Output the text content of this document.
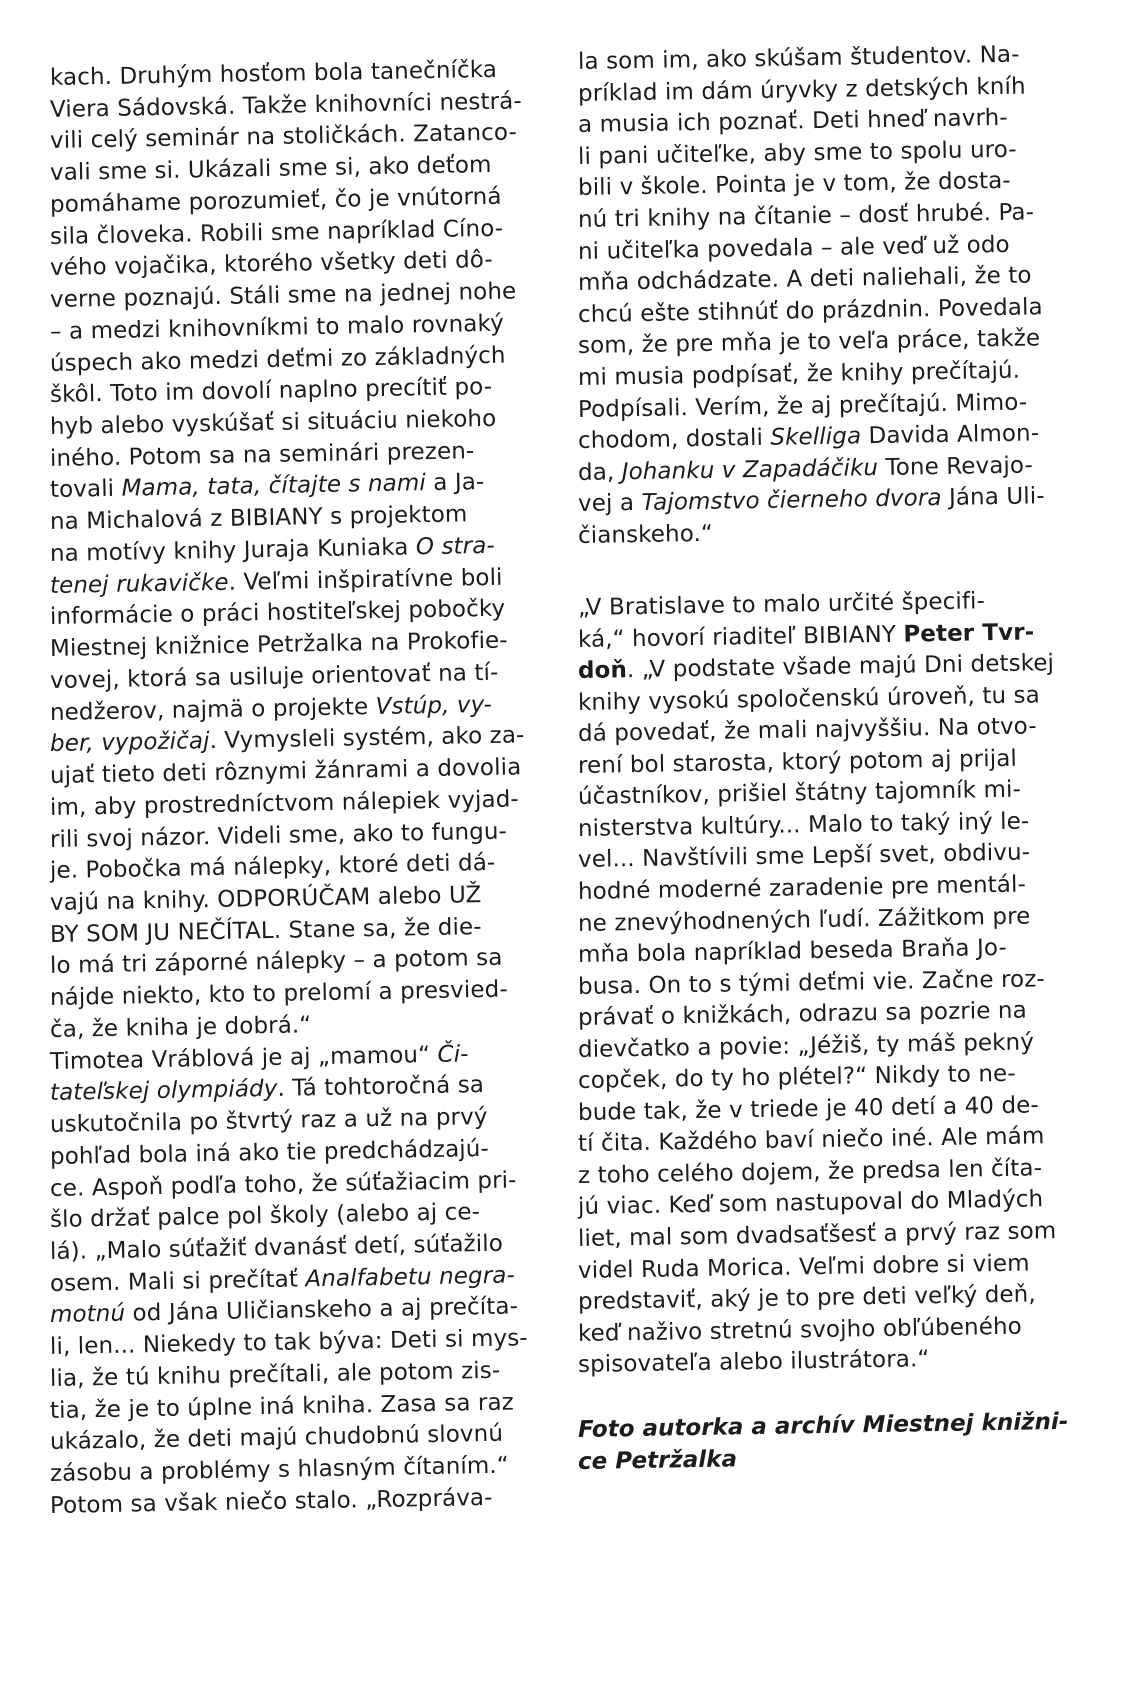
kach. Druhým hosťom bola tanečníčka
Viera Sádovská. Takže knihovníci nestrá-
vili celý seminár na stoličkách. Zatanco-
vali sme si. Ukázali sme si, ako deťom
pomáhame porozumieť, čo je vnútorná
sila človeka. Robili sme napríklad Cíno-
vého vojačika, ktorého všetky deti dô-
verne poznajú. Stáli sme na jednej nohe
– a medzi knihovníkmi to malo rovnaký
úspech ako medzi deťmi zo základných
škôl. Toto im dovolí naplno precítiť po-
hyb alebo vyskúšať si situáciu niekoho
iného. Potom sa na seminári prezen-
tovali Mama, tata, čítajte s nami a Ja-
na Michalová z BIBIANY s projektom
na motívy knihy Juraja Kuniaka O stra-
tenej rukavičke. Veľmi inšpiratívne boli
informácie o práci hostiteľskej pobočky
Miestnej knižnice Petržalka na Prokofie-
vovej, ktorá sa usiluje orientovať na tí-
nedžerov, najmä o projekte Vstúp, vy-
ber, vypožičaj. Vymysleli systém, ako za-
ujať tieto deti rôznymi žánrami a dovolia
im, aby prostredníctvom nálepiek vyjad-
rili svoj názor. Videli sme, ako to fungu-
je. Pobočka má nálepky, ktoré deti dá-
vajú na knihy. ODPORÚČAM alebo UŽ
BY SOM JU NEČÍTAL. Stane sa, že die-
lo má tri záporné nálepky – a potom sa
nájde niekto, kto to prelomí a presvied-
ča, že kniha je dobrá.“
Timotea Vráblová je aj „mamou“ Či-
tateľskej olympiády. Tá tohtoročná sa
uskutočnila po štvrtý raz a už na prvý
pohľad bola iná ako tie predchádzajú-
ce. Aspoň podľa toho, že súťažiacim pri-
šlo držať palce pol školy (alebo aj ce-
lá). „Malo súťažiť dvanásť detí, súťažilo
osem. Mali si prečítať Analfabetu negra-
motnú od Jána Uličianskeho a aj prečíta-
li, len... Niekedy to tak býva: Deti si mys-
lia, že tú knihu prečítali, ale potom zis-
tia, že je to úplne iná kniha. Zasa sa raz
ukázalo, že deti majú chudobnú slovnú
zásobu a problémy s hlasným čítaním.“
Potom sa však niečo stalo. „Rozpráva-
la som im, ako skúšam študentov. Na-
príklad im dám úryvky z detských kníh
a musia ich poznať. Deti hneď navrh-
li pani učiteľke, aby sme to spolu uro-
bili v škole. Pointa je v tom, že dosta-
nú tri knihy na čítanie – dosť hrubé. Pa-
ni učiteľka povedala – ale veď už odo
mňa odchádzate. A deti naliehali, že to
chcú ešte stihnúť do prázdnin. Povedala
som, že pre mňa je to veľa práce, takže
mi musia podpísať, že knihy prečítajú.
Podpísali. Verím, že aj prečítajú. Mimo-
chodom, dostali Skelliga Davida Almon-
da, Johanku v Zapadáčiku Tone Revajo-
vej a Tajomstvo čierneho dvora Jána Uli-
čianskeho.“
„V Bratislave to malo určité špecifi-
ká,“ hovorí riaditeľ BIBIANY Peter Tvr-
doň. „V podstate všade majú Dni detskej
knihy vysokú spoločenskú úroveň, tu sa
dá povedať, že mali najvyššiu. Na otvo-
rení bol starosta, ktorý potom aj prijal
účastníkov, prišiel štátny tajomník mi-
nisterstva kultúry... Malo to taký iný le-
vel... Navštívili sme Lepší svet, obdivu-
hodné moderné zaradenie pre mentál-
ne znevýhodnených ľudí. Zážitkom pre
mňa bola napríklad beseda Braňa Jo-
busa. On to s tými deťmi vie. Začne roz-
právať o knižkách, odrazu sa pozrie na
dievčatko a povie: „Jéžiš, ty máš pekný
copček, do ty ho plétel?“ Nikdy to ne-
bude tak, že v triede je 40 detí a 40 de-
tí čita. Každého baví niečo iné. Ale mám
z toho celého dojem, že predsa len číta-
jú viac. Keď som nastupoval do Mladých
liet, mal som dvadsaťšesť a prvý raz som
videl Ruda Morica. Veľmi dobre si viem
predstaviť, aký je to pre deti veľký deň,
keď naživo stretnú svojho obľúbeného
spisovateľa alebo ilustrátora.“
Foto autorka a archív Miestnej knižni-
ce Petržalka
